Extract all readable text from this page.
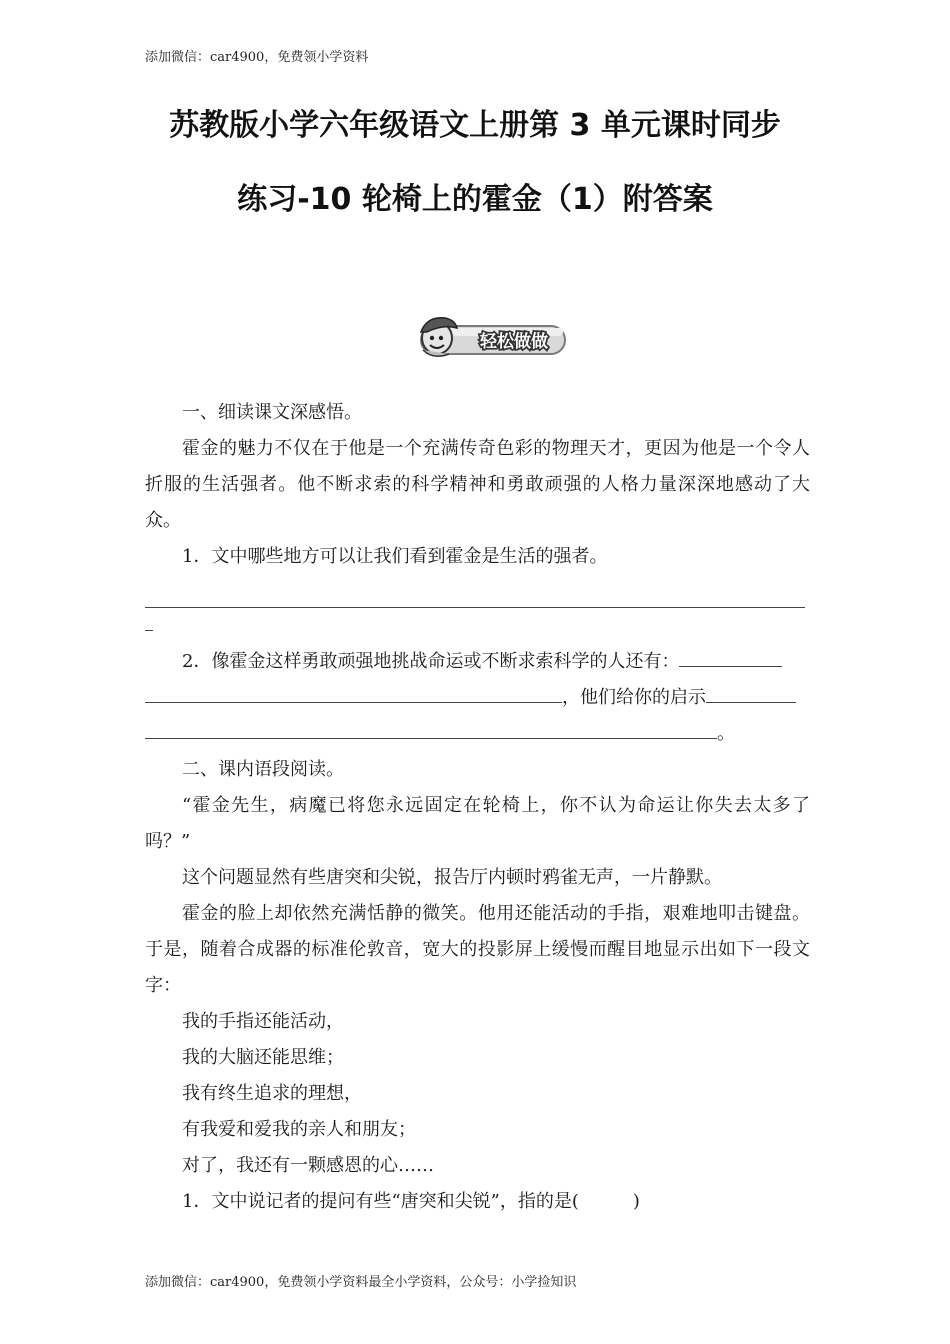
添加微信：car4900，免费领小学资料
苏教版小学六年级语文上册第 3 单元课时同步
练习-10 轮椅上的霍金（1）附答案
轻松做做

一、细读课文深感悟。

霍金的魅力不仅在于他是一个充满传奇色彩的物理天才，更因为他是一个令人折服的生活强者。他不断求索的科学精神和勇敢顽强的人格力量深深地感动了大众。

1．文中哪些地方可以让我们看到霍金是生活的强者。

2．像霍金这样勇敢顽强地挑战命运或不断求索科学的人还有：

，他们给你的启示

。

二、课内语段阅读。

“霍金先生，病魔已将您永远固定在轮椅上，你不认为命运让你失去太多了吗？”

这个问题显然有些唐突和尖锐，报告厅内顿时鸦雀无声，一片静默。

霍金的脸上却依然充满恬静的微笑。他用还能活动的手指，艰难地叩击键盘。于是，随着合成器的标准伦敦音，宽大的投影屏上缓慢而醒目地显示出如下一段文字：

我的手指还能活动，

我的大脑还能思维；

我有终生追求的理想，

有我爱和爱我的亲人和朋友；

对了，我还有一颗感恩的心……

1．文中说记者的提问有些“唐突和尖锐”，指的是(　　　)

添加微信：car4900，免费领小学资料最全小学资料，公众号：小学捡知识
